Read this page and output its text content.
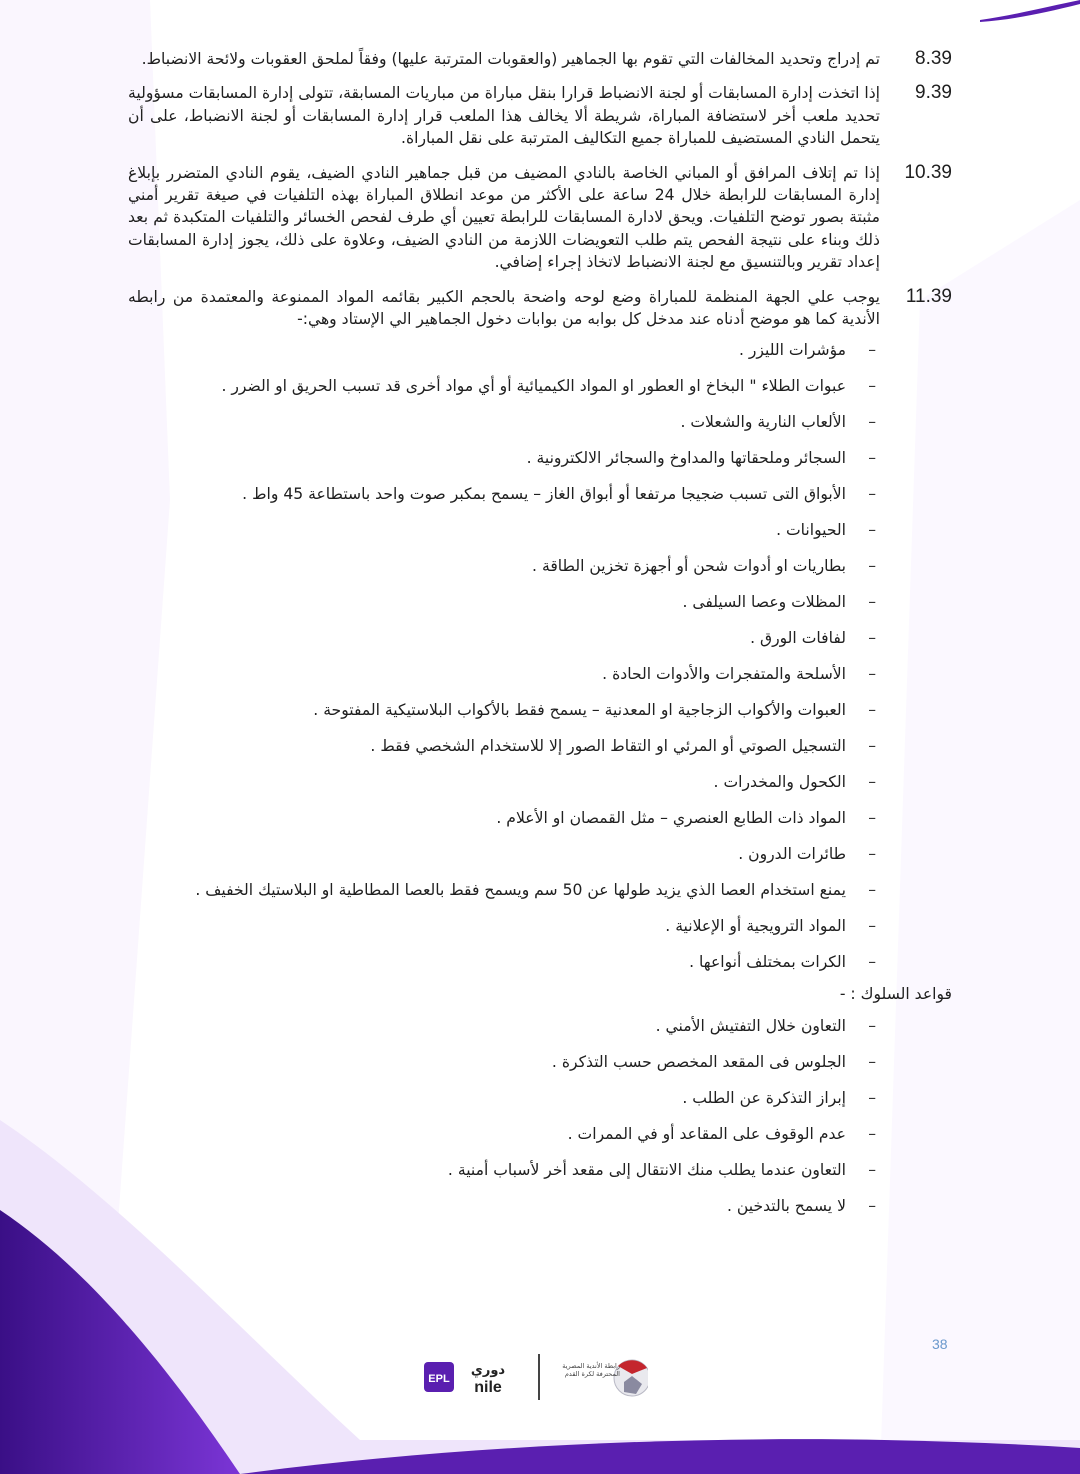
8.39
تم إدراج وتحديد المخالفات التي تقوم بها الجماهير (والعقوبات المترتبة عليها) وفقاً لملحق العقوبات ولائحة الانضباط.
9.39
إذا اتخذت إدارة المسابقات أو لجنة الانضباط قرارا بنقل مباراة من مباريات المسابقة، تتولى إدارة المسابقات مسؤولية تحديد ملعب أخر لاستضافة المباراة، شريطة ألا يخالف هذا الملعب قرار إدارة المسابقات أو لجنة الانضباط، على أن يتحمل النادي المستضيف للمباراة جميع التكاليف المترتبة على نقل المباراة.
10.39
إذا تم إتلاف المرافق أو المباني الخاصة بالنادي المضيف من قبل جماهير النادي الضيف، يقوم النادي المتضرر بإبلاغ إدارة المسابقات للرابطة خلال 24 ساعة على الأكثر من موعد انطلاق المباراة بهذه التلفيات في صيغة تقرير أمني مثبتة بصور توضح التلفيات. ويحق لادارة المسابقات للرابطة تعيين أي طرف لفحص الخسائر والتلفيات المتكبدة ثم بعد ذلك وبناء على نتيجة الفحص يتم طلب التعويضات اللازمة من النادي الضيف، وعلاوة على ذلك، يجوز إدارة المسابقات إعداد تقرير وبالتنسيق مع لجنة الانضباط لاتخاذ إجراء إضافي.
11.39
يوجب علي الجهة المنظمة للمباراة وضع لوحه واضحة بالحجم الكبير بقائمه المواد الممنوعة والمعتمدة من رابطه الأندية كما هو موضح أدناه عند مدخل كل بوابه من بوابات دخول الجماهير الي الإستاد وهي:-
–
مؤشرات الليزر .
–
عبوات الطلاء " البخاخ او العطور او المواد الكيميائية أو أي مواد أخرى قد تسبب الحريق او الضرر .
–
الألعاب النارية والشعلات .
–
السجائر وملحقاتها والمداوخ والسجائر الالكترونية .
–
الأبواق التى تسبب ضجيجا مرتفعا أو أبواق الغاز – يسمح بمكبر صوت واحد باستطاعة 45 واط .
–
الحيوانات .
–
بطاريات او أدوات شحن أو أجهزة تخزين الطاقة .
–
المظلات وعصا السيلفى .
–
لفافات الورق .
–
الأسلحة والمتفجرات والأدوات الحادة .
–
العبوات والأكواب الزجاجية او المعدنية – يسمح فقط بالأكواب البلاستيكية المفتوحة .
–
التسجيل الصوتي أو المرئي او التقاط الصور إلا للاستخدام الشخصي فقط .
–
الكحول والمخدرات .
–
المواد ذات الطابع العنصري – مثل القمصان او الأعلام .
–
طائرات الدرون .
–
يمنع استخدام العصا الذي يزيد طولها عن 50 سم ويسمح فقط بالعصا المطاطية او البلاستيك الخفيف .
–
المواد الترويجية أو الإعلانية .
–
الكرات بمختلف أنواعها .
قواعد السلوك : -
–
التعاون خلال التفتيش الأمني .
–
الجلوس فى المقعد المخصص حسب التذكرة .
–
إبراز التذكرة عن الطلب .
–
عدم الوقوف على المقاعد أو في الممرات .
–
التعاون عندما يطلب منك الانتقال إلى مقعد أخر لأسباب أمنية .
–
لا يسمح بالتدخين .
38
EPL
دوري
nile
رابطة الأندية المصرية المحترفة لكرة القدم
